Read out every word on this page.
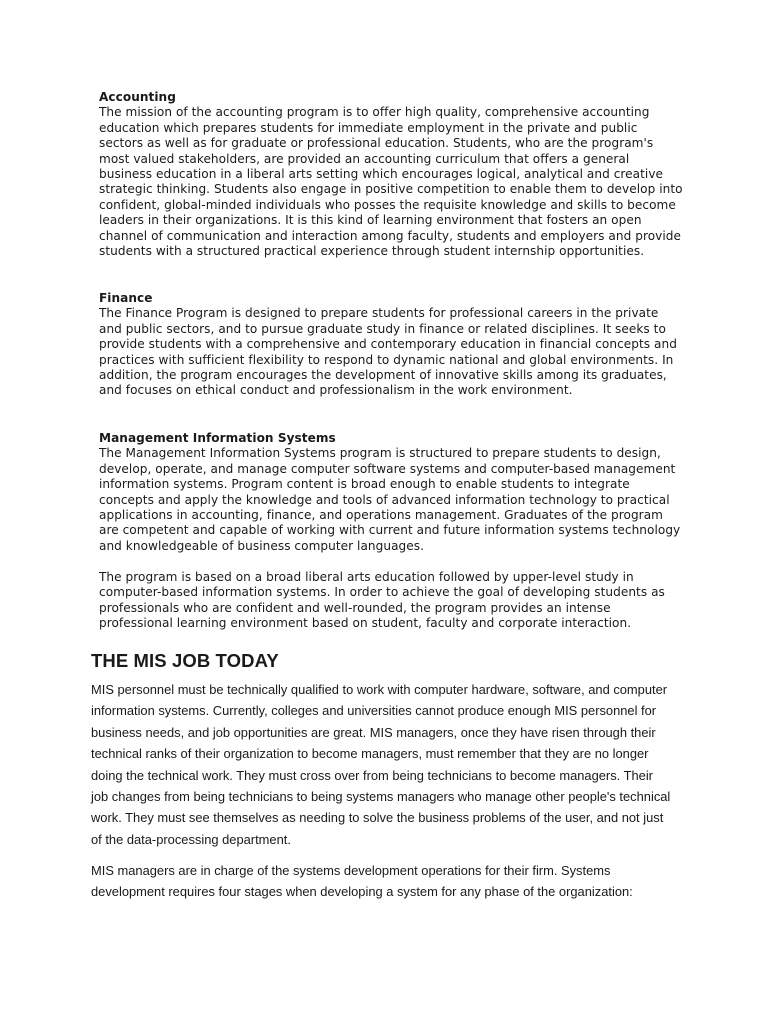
Accounting

The mission of the accounting program is to offer high quality, comprehensive accounting education which prepares students for immediate employment in the private and public sectors as well as for graduate or professional education. Students, who are the program's most valued stakeholders, are provided an accounting curriculum that offers a general business education in a liberal arts setting which encourages logical, analytical and creative strategic thinking. Students also engage in positive competition to enable them to develop into confident, global-minded individuals who posses the requisite knowledge and skills to become leaders in their organizations. It is this kind of learning environment that fosters an open channel of communication and interaction among faculty, students and employers and provide students with a structured practical experience through student internship opportunities.

Finance

The Finance Program is designed to prepare students for professional careers in the private and public sectors, and to pursue graduate study in finance or related disciplines. It seeks to provide students with a comprehensive and contemporary education in financial concepts and practices with sufficient flexibility to respond to dynamic national and global environments. In addition, the program encourages the development of innovative skills among its graduates, and focuses on ethical conduct and professionalism in the work environment.

Management Information Systems

The Management Information Systems program is structured to prepare students to design, develop, operate, and manage computer software systems and computer-based management information systems. Program content is broad enough to enable students to integrate concepts and apply the knowledge and tools of advanced information technology to practical applications in accounting, finance, and operations management. Graduates of the program are competent and capable of working with current and future information systems technology and knowledgeable of business computer languages.

The program is based on a broad liberal arts education followed by upper-level study in computer-based information systems. In order to achieve the goal of developing students as professionals who are confident and well-rounded, the program provides an intense professional learning environment based on student, faculty and corporate interaction.

THE MIS JOB TODAY

MIS personnel must be technically qualified to work with computer hardware, software, and computer information systems. Currently, colleges and universities cannot produce enough MIS personnel for business needs, and job opportunities are great. MIS managers, once they have risen through their technical ranks of their organization to become managers, must remember that they are no longer doing the technical work. They must cross over from being technicians to become managers. Their job changes from being technicians to being systems managers who manage other people's technical work. They must see themselves as needing to solve the business problems of the user, and not just of the data-processing department.

MIS managers are in charge of the systems development operations for their firm. Systems development requires four stages when developing a system for any phase of the organization:
